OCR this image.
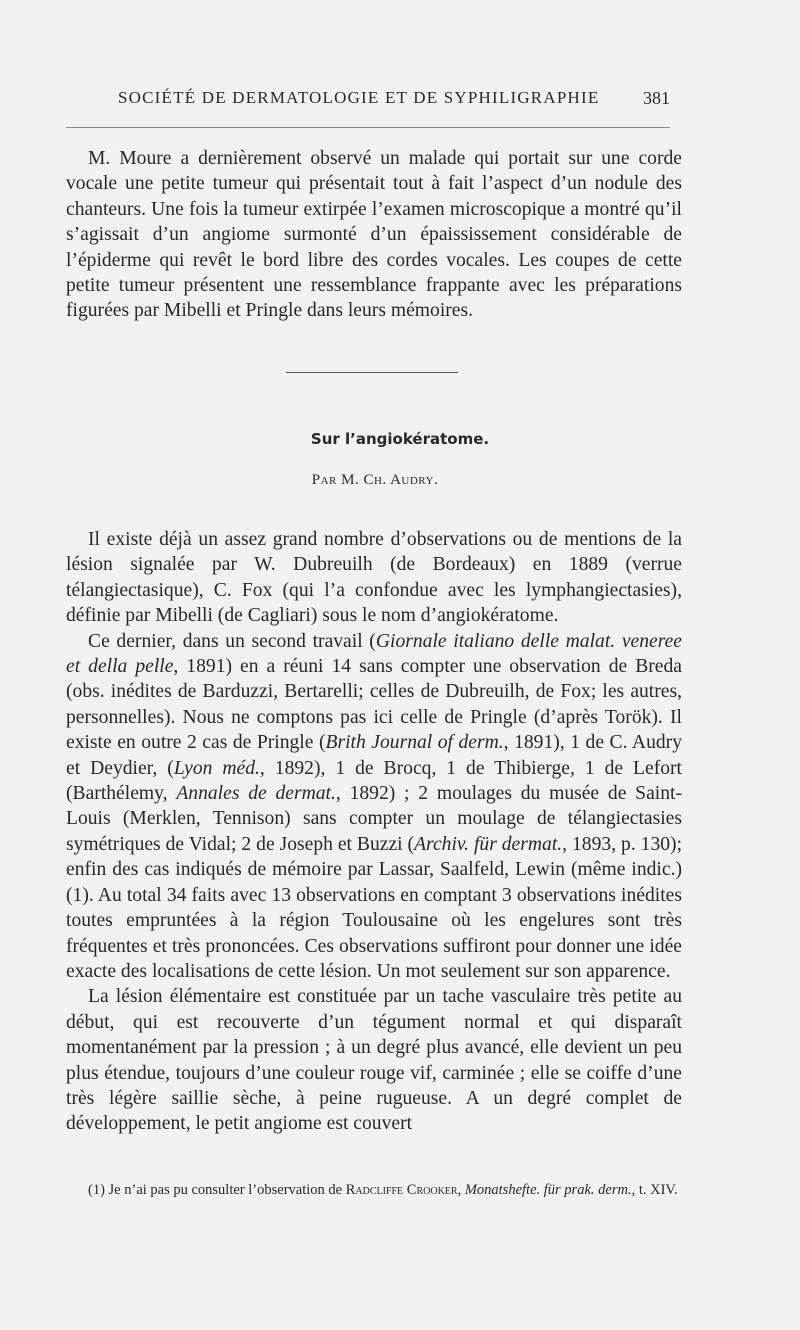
SOCIÉTÉ DE DERMATOLOGIE ET DE SYPHILIGRAPHIE 381

M. Moure a dernièrement observé un malade qui portait sur une corde vocale une petite tumeur qui présentait tout à fait l’aspect d’un nodule des chanteurs. Une fois la tumeur extirpée l’examen microscopique a montré qu’il s’agissait d’un angiome surmonté d’un épaississement considérable de l’épiderme qui revêt le bord libre des cordes vocales. Les coupes de cette petite tumeur présentent une ressemblance frappante avec les préparations figurées par Mibelli et Pringle dans leurs mémoires.

Sur l’angiokératome.
Par M. Ch. Audry.

Il existe déjà un assez grand nombre d’observations ou de mentions de la lésion signalée par W. Dubreuilh (de Bordeaux) en 1889 (verrue télangiectasique), C. Fox (qui l’a confondue avec les lymphangiectasies), définie par Mibelli (de Cagliari) sous le nom d’angiokératome.

Ce dernier, dans un second travail (Giornale italiano delle malat. veneree et della pelle, 1891) en a réuni 14 sans compter une observation de Breda (obs. inédites de Barduzzi, Bertarelli; celles de Dubreuilh, de Fox; les autres, personnelles). Nous ne comptons pas ici celle de Pringle (d’après Torök). Il existe en outre 2 cas de Pringle (Brith Journal of derm., 1891), 1 de C. Audry et Deydier, (Lyon méd., 1892), 1 de Brocq, 1 de Thibierge, 1 de Lefort (Barthélemy, Annales de dermat., 1892) ; 2 moulages du musée de Saint-Louis (Merklen, Tennison) sans compter un moulage de télangiectasies symétriques de Vidal; 2 de Joseph et Buzzi (Archiv. für dermat., 1893, p. 130); enfin des cas indiqués de mémoire par Lassar, Saalfeld, Lewin (même indic.) (1). Au total 34 faits avec 13 observations en comptant 3 observations inédites toutes empruntées à la région Toulousaine où les engelures sont très fréquentes et très prononcées. Ces observations suffiront pour donner une idée exacte des localisations de cette lésion. Un mot seulement sur son apparence.

La lésion élémentaire est constituée par un tache vasculaire très petite au début, qui est recouverte d’un tégument normal et qui disparaît momentanément par la pression ; à un degré plus avancé, elle devient un peu plus étendue, toujours d’une couleur rouge vif, carminée ; elle se coiffe d’une très légère saillie sèche, à peine rugueuse. A un degré complet de développement, le petit angiome est couvert

(1) Je n’ai pas pu consulter l’observation de Radcliffe Crooker, Monatshefte. für prak. derm., t. XIV.
